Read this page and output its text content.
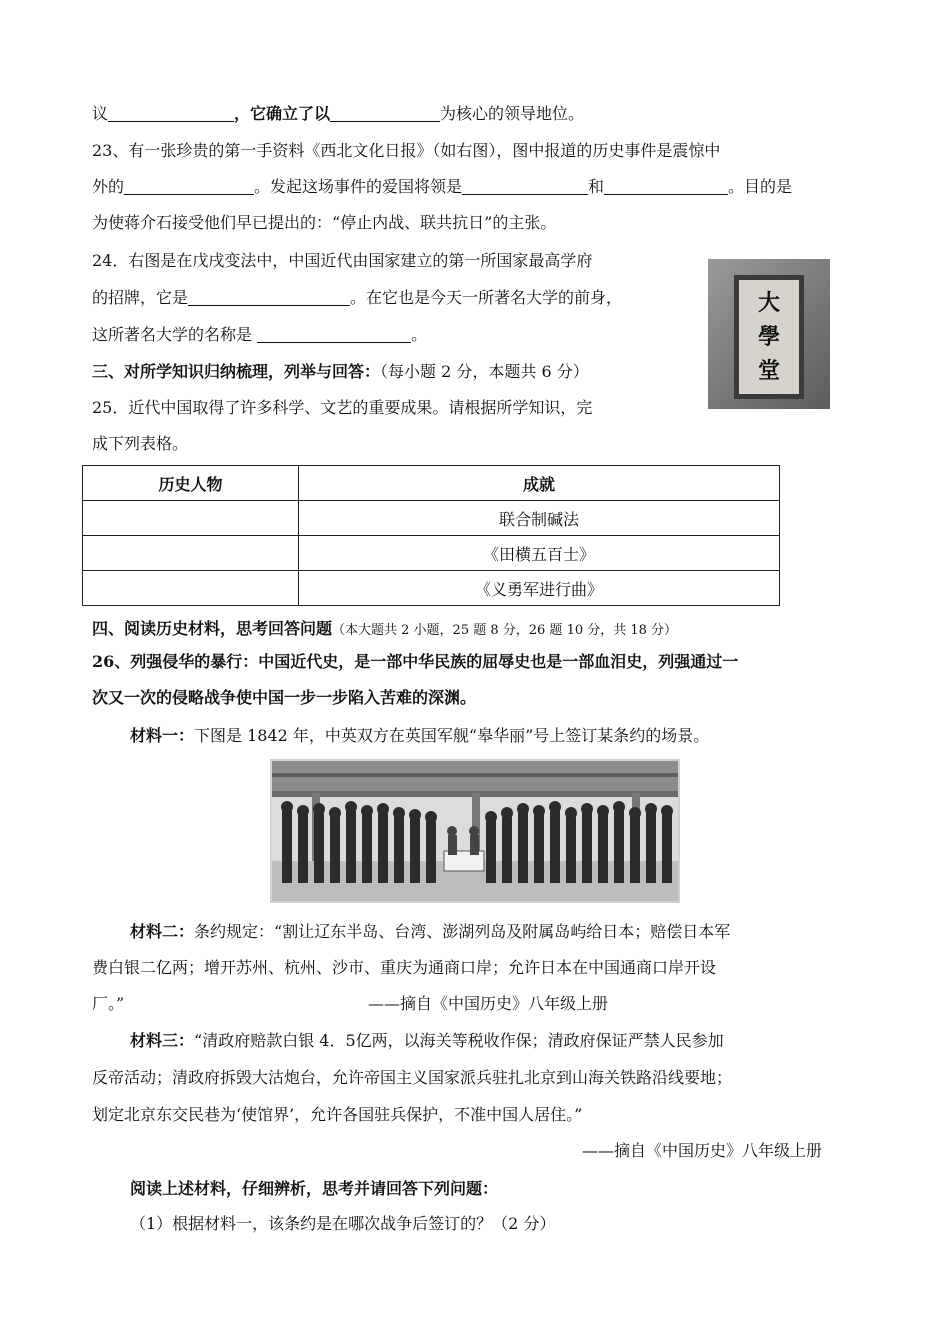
议	，它确立了以	为核心的领导地位。
23、有一张珍贵的第一手资料《西北文化日报》（如右图），图中报道的历史事件是震惊中
外的	。发起这场事件的爱国将领是	和	。目的是
为使蒋介石接受他们早已提出的：“停止内战、联共抗日”的主张。
24．右图是在戊戌变法中，中国近代由国家建立的第一所国家最高学府
的招牌，它是	。在它也是今天一所著名大学的前身，
这所著名大学的名称是	。
大
學
堂
三、对所学知识归纳梳理，列举与回答：（每小题 2 分，本题共 6 分）
25．近代中国取得了许多科学、文艺的重要成果。请根据所学知识，完
成下列表格。
历史人物	成就
	联合制碱法
	《田横五百士》
	《义勇军进行曲》
四、阅读历史材料，思考回答问题（本大题共 2 小题，25 题 8 分，26 题 10 分，共 18 分）
26、列强侵华的暴行：中国近代史，是一部中华民族的屈辱史也是一部血泪史，列强通过一
次又一次的侵略战争使中国一步一步陷入苦难的深渊。
材料一：下图是 1842 年，中英双方在英国军舰“皋华丽”号上签订某条约的场景。
材料二：条约规定：“割让辽东半岛、台湾、澎湖列岛及附属岛屿给日本；赔偿日本军
费白银二亿两；增开苏州、杭州、沙市、重庆为通商口岸；允许日本在中国通商口岸开设
厂。”	——摘自《中国历史》八年级上册
材料三：“清政府赔款白银 4．5亿两，以海关等税收作保；清政府保证严禁人民参加
反帝活动；清政府拆毁大沽炮台，允许帝国主义国家派兵驻扎北京到山海关铁路沿线要地；
划定北京东交民巷为‘使馆界’，允许各国驻兵保护，不准中国人居住。”
——摘自《中国历史》八年级上册
阅读上述材料，仔细辨析，思考并请回答下列问题：
（1）根据材料一，该条约是在哪次战争后签订的？（2 分）
